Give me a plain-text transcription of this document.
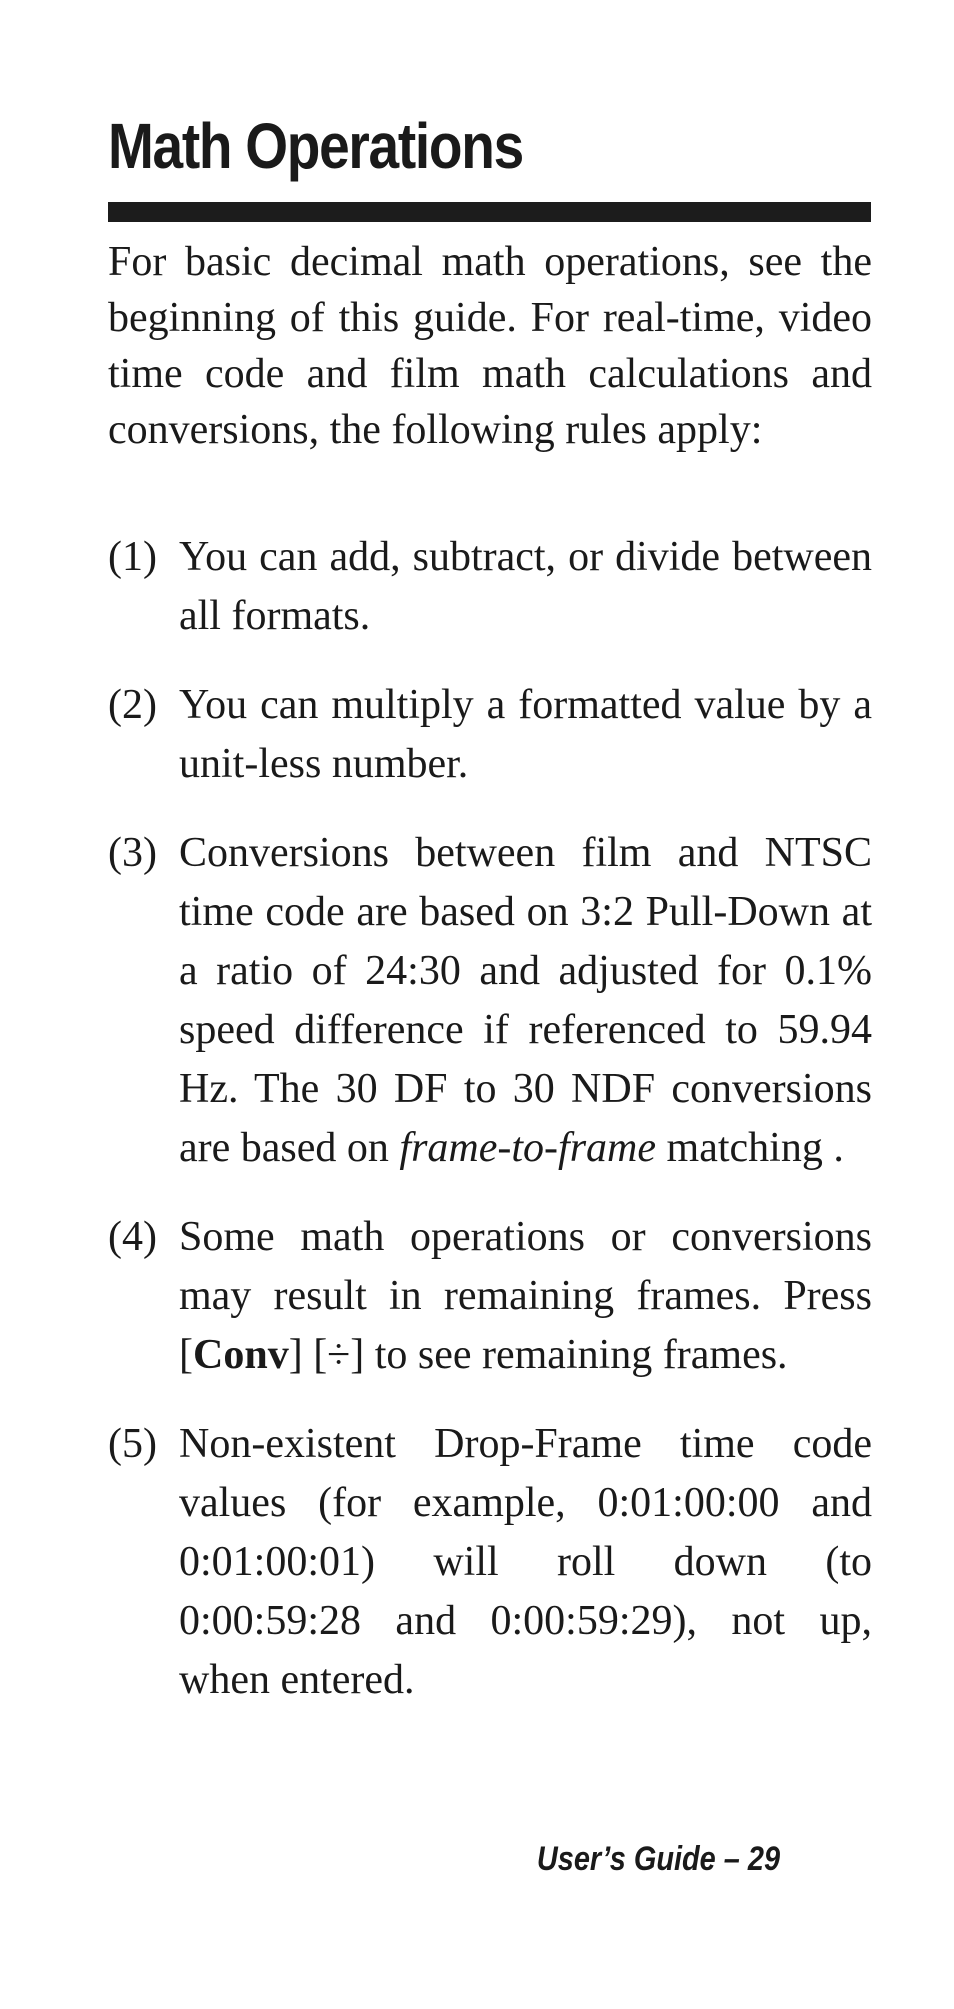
Math Operations

For basic decimal math operations, see the beginning of this guide. For real-time, video time code and film math calculations and conversions, the following rules apply:

(1) You can add, subtract, or divide between all formats.
(2) You can multiply a formatted value by a unit-less number.
(3) Conversions between film and NTSC time code are based on 3:2 Pull-Down at a ratio of 24:30 and adjusted for 0.1% speed difference if referenced to 59.94 Hz. The 30 DF to 30 NDF conversions are based on frame-to-frame matching .
(4) Some math operations or conversions may result in remaining frames. Press [Conv] [÷] to see remaining frames.
(5) Non-existent Drop-Frame time code values (for example, 0:01:00:00 and 0:01:00:01) will roll down (to 0:00:59:28 and 0:00:59:29), not up, when entered.
User’s Guide – 29
